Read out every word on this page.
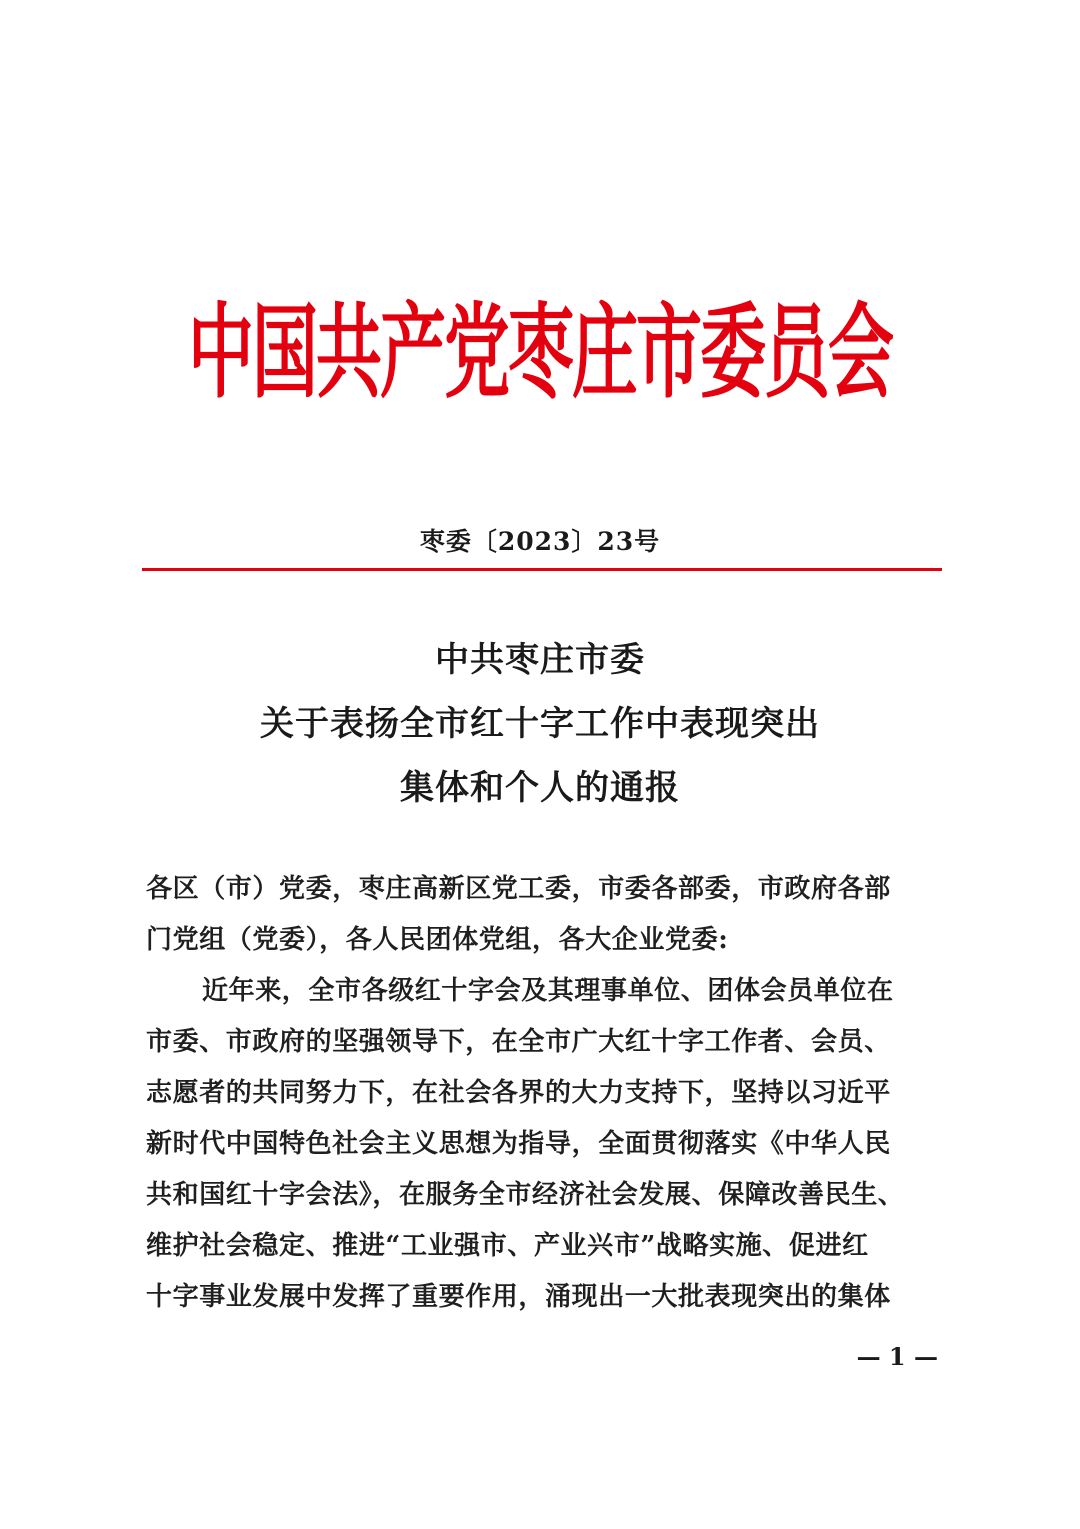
中国共产党枣庄市委员会
枣委〔2023〕23号
中共枣庄市委
关于表扬全市红十字工作中表现突出
集体和个人的通报
各区（市）党委，枣庄高新区党工委，市委各部委，市政府各部
门党组（党委），各人民团体党组，各大企业党委:
近年来，全市各级红十字会及其理事单位、团体会员单位在
市委、市政府的坚强领导下，在全市广大红十字工作者、会员、
志愿者的共同努力下，在社会各界的大力支持下，坚持以习近平
新时代中国特色社会主义思想为指导，全面贯彻落实《中华人民
共和国红十字会法》，在服务全市经济社会发展、保障改善民生、
维护社会稳定、推进“工业强市、产业兴市”战略实施、促进红
十字事业发展中发挥了重要作用，涌现出一大批表现突出的集体
— 1 —
